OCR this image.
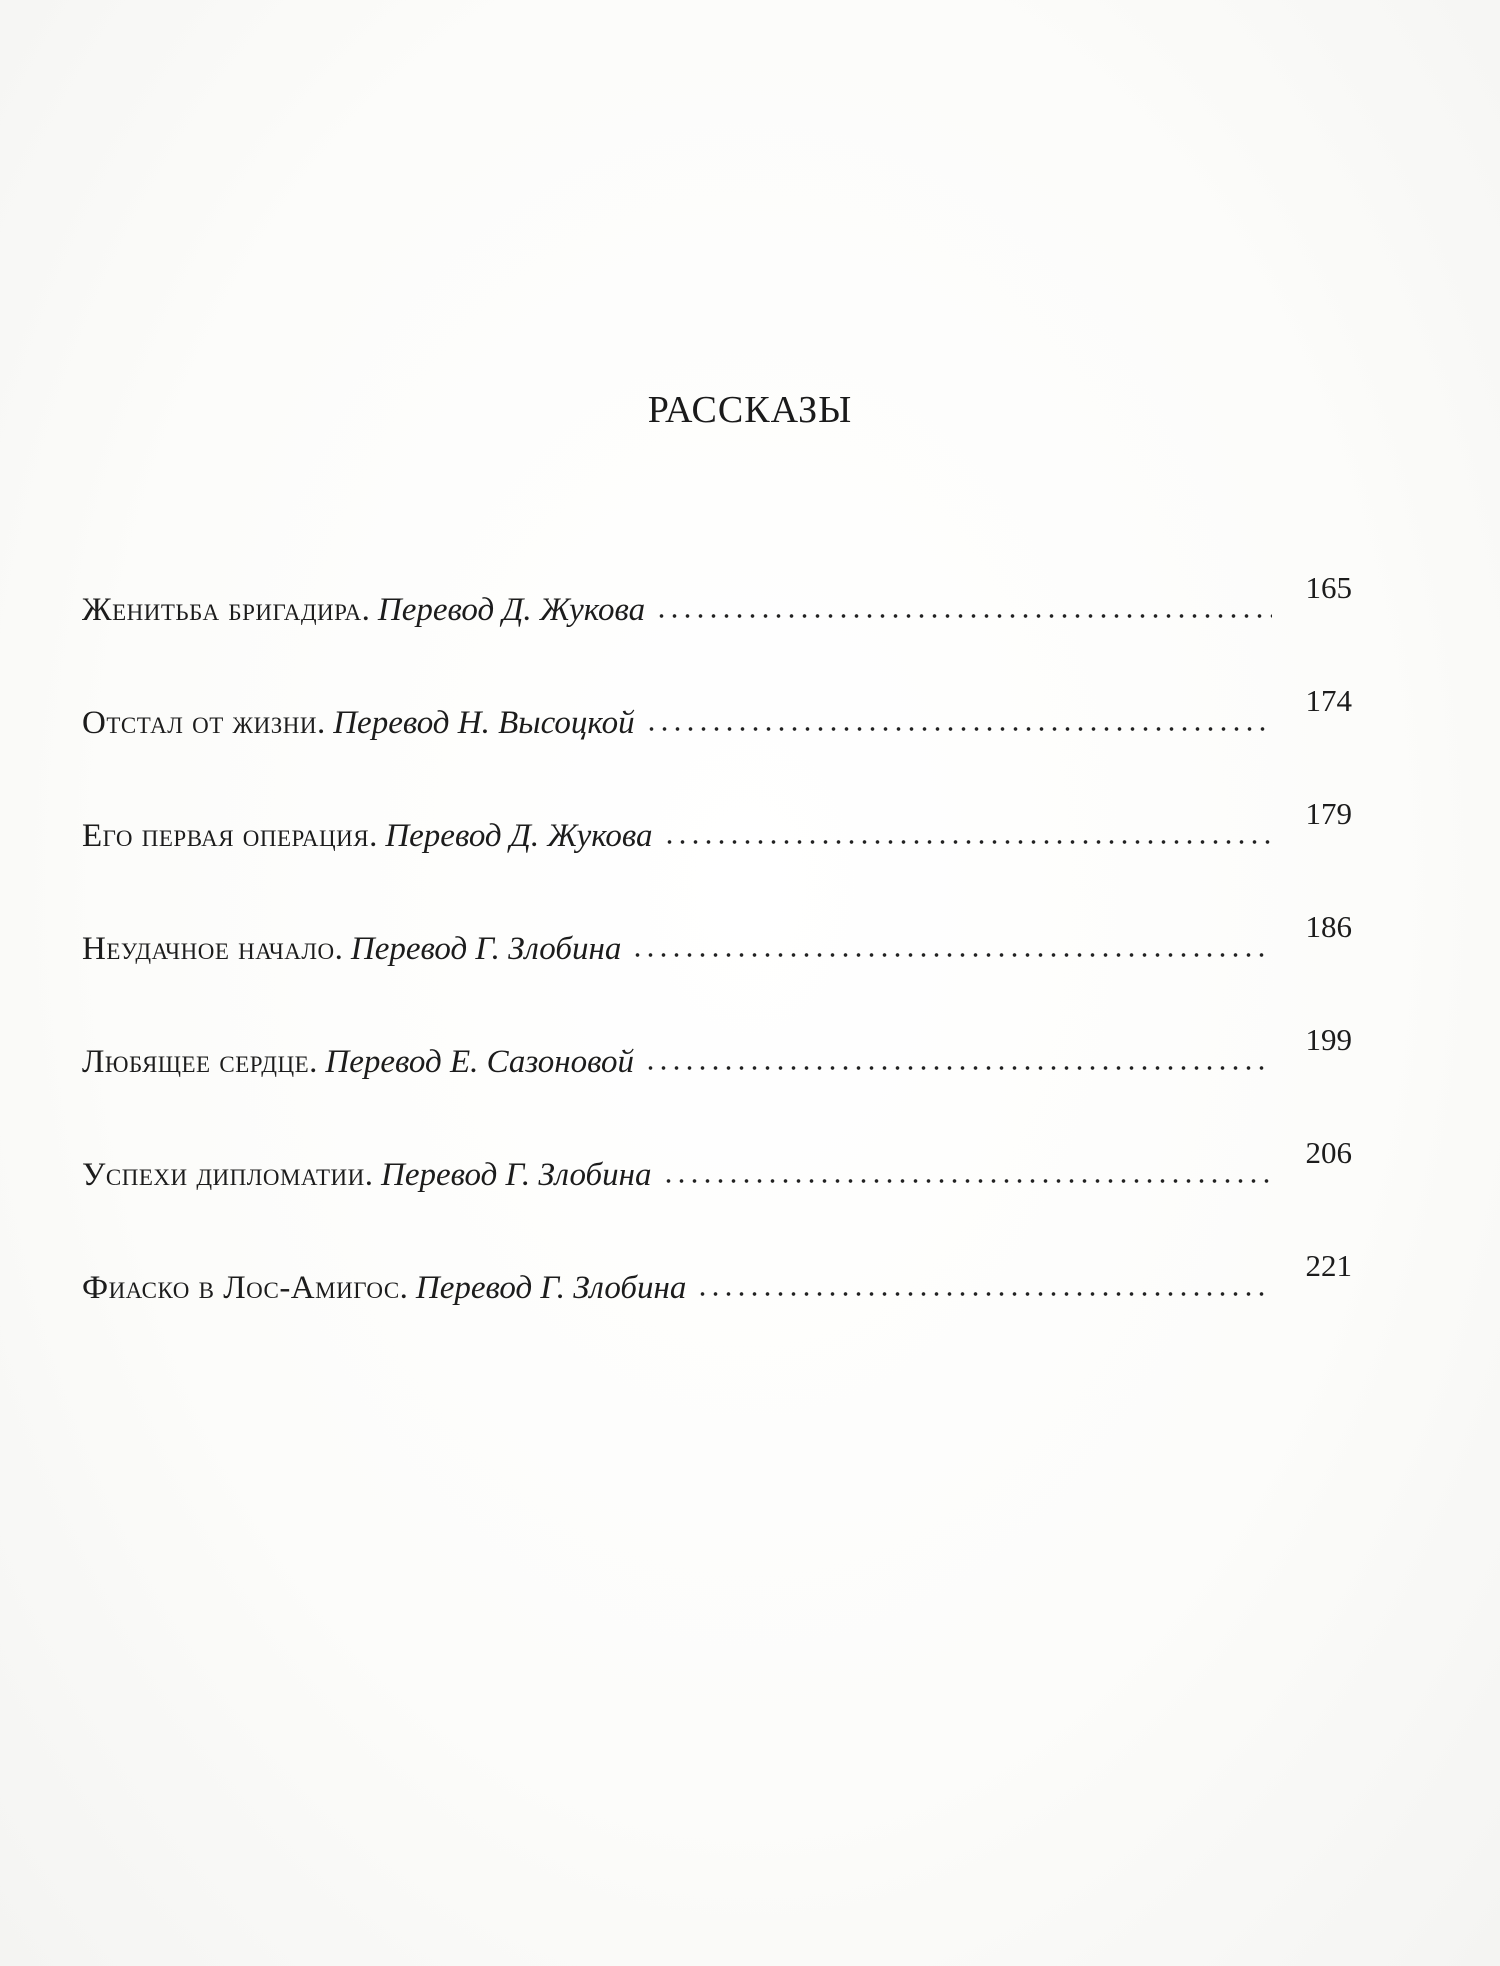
РАССКАЗЫ
Женитьба бригадира . Перевод Д. Жукова
165
Отстал от жизни . Перевод Н. Высоцкой
174
Его первая операция . Перевод Д. Жукова
179
Неудачное начало . Перевод Г. Злобина
186
Любящее сердце . Перевод Е. Сазоновой
199
Успехи дипломатии . Перевод Г. Злобина
206
Фиаско в Лос-Амигос . Перевод Г. Злобина
221
